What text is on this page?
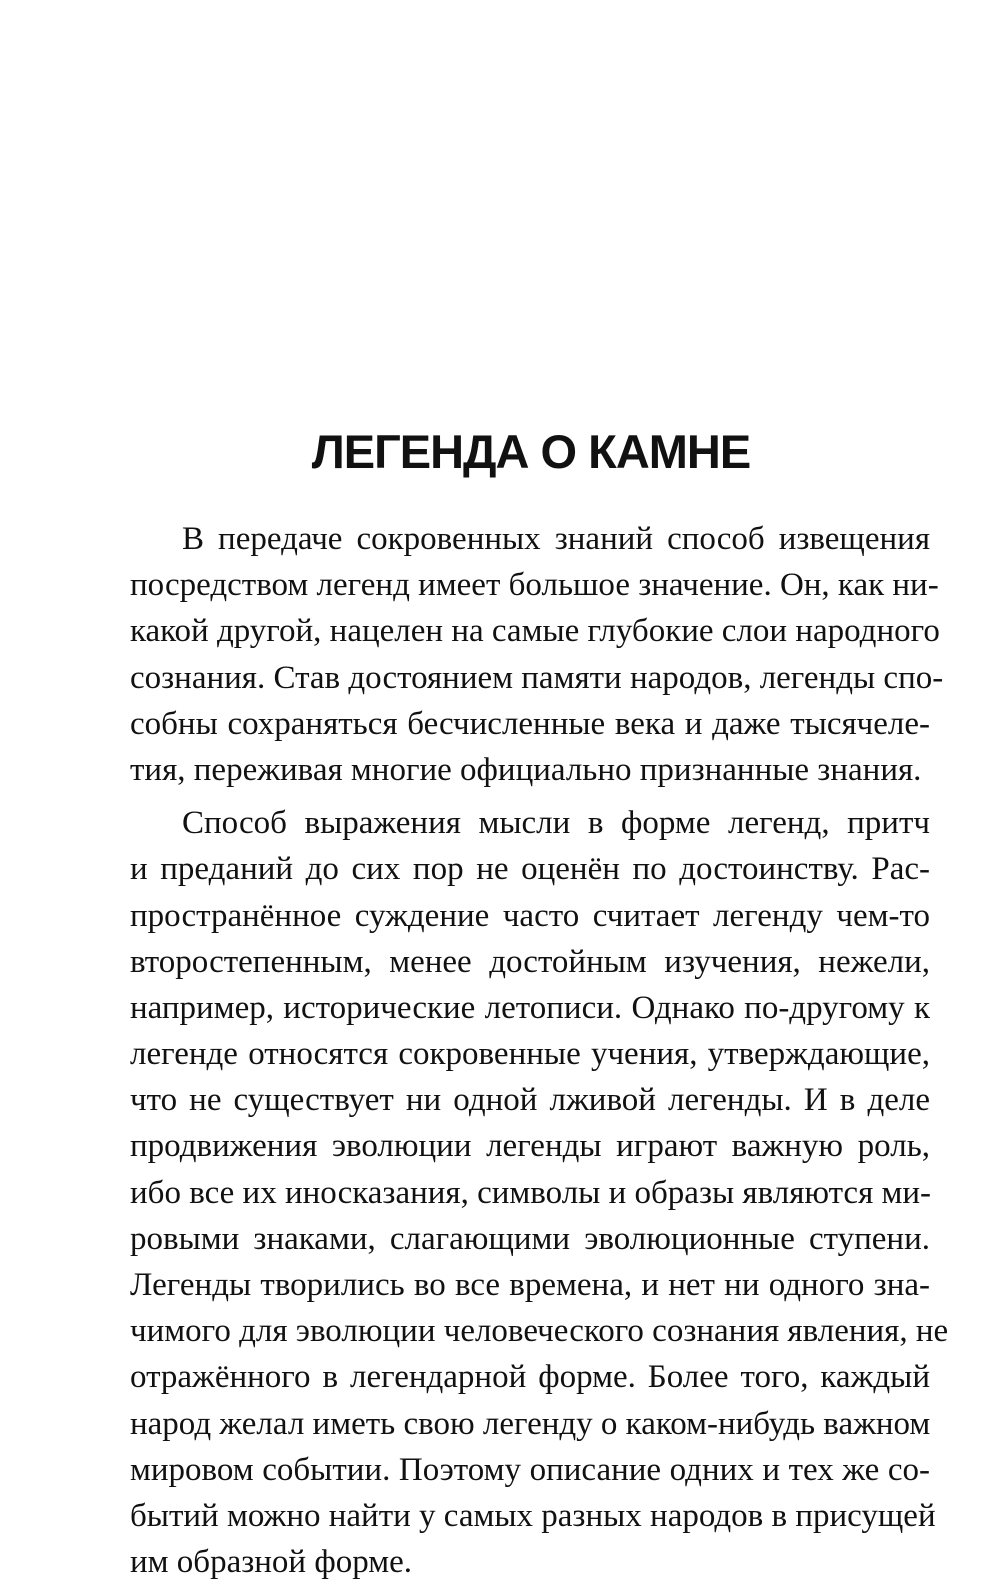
ЛЕГЕНДА О КАМНЕ
В передаче сокровенных знаний способ извещения
посредством легенд имеет большое значение. Он, как ни-
какой другой, нацелен на самые глубокие слои народного
сознания. Став достоянием памяти народов, легенды спо-
собны сохраняться бесчисленные века и даже тысячеле-
тия, переживая многие официально признанные знания.
Способ выражения мысли в форме легенд, притч
и преданий до сих пор не оценён по достоинству. Рас-
пространённое суждение часто считает легенду чем-то
второстепенным, менее достойным изучения, нежели,
например, исторические летописи. Однако по-другому к
легенде относятся сокровенные учения, утверждающие,
что не существует ни одной лживой легенды. И в деле
продвижения эволюции легенды играют важную роль,
ибо все их иносказания, символы и образы являются ми-
ровыми знаками, слагающими эволюционные ступени.
Легенды творились во все времена, и нет ни одного зна-
чимого для эволюции человеческого сознания явления, не
отражённого в легендарной форме. Более того, каждый
народ желал иметь свою легенду о каком-нибудь важном
мировом событии. Поэтому описание одних и тех же со-
бытий можно найти у самых разных народов в присущей
им образной форме.
